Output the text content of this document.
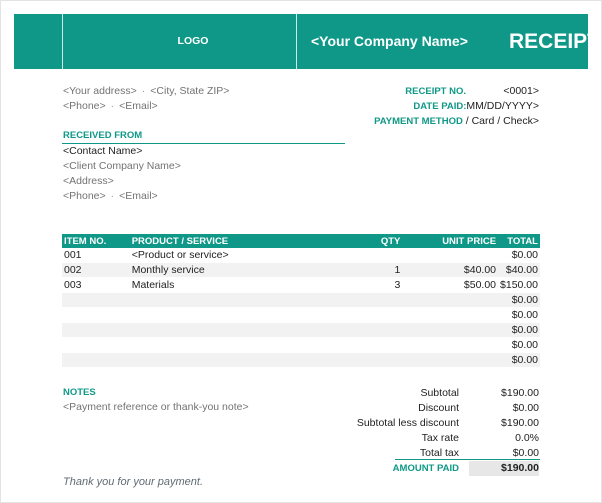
LOGO	<Your Company Name> RECEIPT
<Your address> · <City, State ZIP>
<Phone> · <Email>
RECEIPT NO.	<0001>
DATE PAID:MM/DD/YYYY>
PAYMENT METHOD / Card / Check>
RECEIVED FROM
<Contact Name>
<Client Company Name>
<Address>
<Phone> · <Email>
ITEM NO.	PRODUCT / SERVICE	QTY	UNIT PRICE	TOTAL
001	<Product or service>			$0.00
002	Monthly service	1	$40.00	$40.00
003	Materials	3	$50.00	$150.00
				$0.00
				$0.00
				$0.00
				$0.00
				$0.00
NOTES
<Payment reference or thank-you note>
Subtotal	$190.00
Discount	$0.00
Subtotal less discount	$190.00
Tax rate	0.0%
Total tax	$0.00
AMOUNT PAID	$190.00
Thank you for your payment.
